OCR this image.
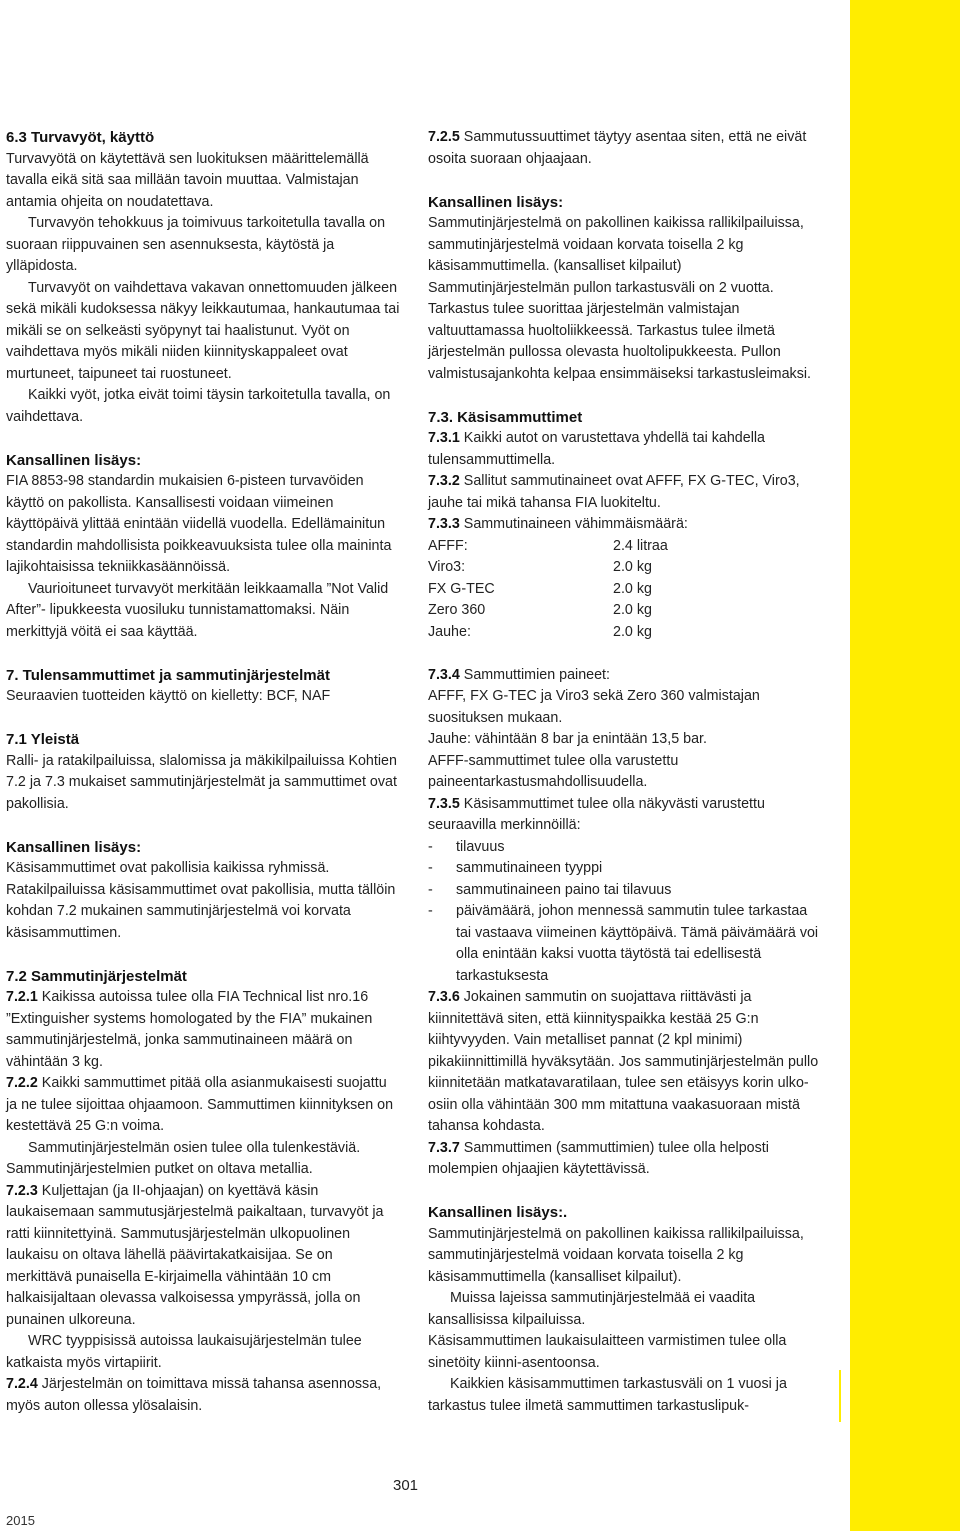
6.3 Turvavyöt, käyttö

Turvavyötä on käytettävä sen luokituksen määrittelemällä tavalla eikä sitä saa millään tavoin muuttaa. Valmistajan antamia ohjeita on noudatettava.

Turvavyön tehokkuus ja toimivuus tarkoitetulla tavalla on suoraan riippuvainen sen asennuksesta, käytöstä ja ylläpidosta.

Turvavyöt on vaihdettava vakavan onnettomuuden jälkeen sekä mikäli kudoksessa näkyy leikkautumaa, hankautumaa tai mikäli se on selkeästi syöpynyt tai haalistunut. Vyöt on vaihdettava myös mikäli niiden kiinnityskappaleet ovat murtuneet, taipuneet tai ruostuneet.

Kaikki vyöt, jotka eivät toimi täysin tarkoitetulla tavalla, on vaihdettava.

Kansallinen lisäys:

FIA 8853-98 standardin mukaisien 6-pisteen turvavöiden käyttö on pakollista. Kansallisesti voidaan viimeinen käyttöpäivä ylittää enintään viidellä vuodella. Edellämainitun standardin mahdollisista poikkeavuuksista tulee olla maininta lajikohtaisissa tekniikkasäännöissä.

Vaurioituneet turvavyöt merkitään leikkaamalla ”Not Valid After”- lipukkeesta vuosiluku tunnistamattomaksi. Näin merkittyjä vöitä ei saa käyttää.

7. Tulensammuttimet ja sammutinjärjestelmät

Seuraavien tuotteiden käyttö on kielletty: BCF, NAF

7.1 Yleistä

Ralli- ja ratakilpailuissa, slalomissa ja mäkikilpailuissa Kohtien 7.2 ja 7.3 mukaiset sammutinjärjestelmät ja sammuttimet ovat pakollisia.

Kansallinen lisäys:

Käsisammuttimet ovat pakollisia kaikissa ryhmissä. Ratakilpailuissa käsisammuttimet ovat pakollisia, mutta tällöin kohdan 7.2 mukainen sammutinjärjestelmä voi korvata käsisammuttimen.

7.2 Sammutinjärjestelmät

7.2.1 Kaikissa autoissa tulee olla FIA Technical list nro.16 ”Extinguisher systems homologated by the FIA” mukainen sammutinjärjestelmä, jonka sammutinaineen määrä on vähintään 3 kg.

7.2.2 Kaikki sammuttimet pitää olla asianmukaisesti suojattu ja ne tulee sijoittaa ohjaamoon. Sammuttimen kiinnityksen on kestettävä 25 G:n voima.

Sammutinjärjestelmän osien tulee olla tulenkestäviä. Sammutinjärjestelmien putket on oltava metallia.

7.2.3 Kuljettajan (ja II-ohjaajan) on kyettävä käsin laukaisemaan sammutusjärjestelmä paikaltaan, turvavyöt ja ratti kiinnitettyinä. Sammutusjärjestelmän ulkopuolinen laukaisu on oltava lähellä päävirtakatkaisijaa. Se on merkittävä punaisella E-kirjaimella vähintään 10 cm halkaisijaltaan olevassa valkoisessa ympyrässä, jolla on punainen ulkoreuna.

WRC tyyppisissä autoissa laukaisujärjestelmän tulee katkaista myös virtapiirit.

7.2.4 Järjestelmän on toimittava missä tahansa asennossa, myös auton ollessa ylösalaisin.

7.2.5 Sammutussuuttimet täytyy asentaa siten, että ne eivät osoita suoraan ohjaajaan.

Kansallinen lisäys:

Sammutinjärjestelmä on pakollinen kaikissa rallikilpailuissa, sammutinjärjestelmä voidaan korvata toisella 2 kg käsisammuttimella. (kansalliset kilpailut) Sammutinjärjestelmän pullon tarkastusväli on 2 vuotta. Tarkastus tulee suorittaa järjestelmän valmistajan valtuuttamassa huoltoliikkeessä. Tarkastus tulee ilmetä järjestelmän pullossa olevasta huoltolipukkeesta. Pullon valmistusajankohta kelpaa ensimmäiseksi tarkastusleimaksi.

7.3. Käsisammuttimet

7.3.1 Kaikki autot on varustettava yhdellä tai kahdella tulensammuttimella.

7.3.2 Sallitut sammutinaineet ovat AFFF, FX G-TEC, Viro3, jauhe tai mikä tahansa FIA luokiteltu.

7.3.3 Sammutinaineen vähimmäismäärä:

AFFF:	2.4 litraa
Viro3:	2.0 kg
FX G-TEC	2.0 kg
Zero 360	2.0 kg
Jauhe:	2.0 kg

7.3.4 Sammuttimien paineet:

AFFF, FX G-TEC ja Viro3 sekä Zero 360 valmistajan suosituksen mukaan.

Jauhe: vähintään 8 bar ja enintään 13,5 bar.

AFFF-sammuttimet tulee olla varustettu paineentarkastusmahdollisuudella.

7.3.5 Käsisammuttimet tulee olla näkyvästi varustettu seuraavilla merkinnöillä:

-	tilavuus
-	sammutinaineen tyyppi
-	sammutinaineen paino tai tilavuus
-	päivämäärä, johon mennessä sammutin tulee tarkastaa tai vastaava viimeinen käyttöpäivä. Tämä päivämäärä voi olla enintään kaksi vuotta täytöstä tai edellisestä tarkastuksesta

7.3.6 Jokainen sammutin on suojattava riittävästi ja kiinnitettävä siten, että kiinnityspaikka kestää 25 G:n kiihtyvyyden. Vain metalliset pannat (2 kpl minimi) pikakiinnittimillä hyväksytään. Jos sammutinjärjestelmän pullo kiinnitetään matkatavaratilaan, tulee sen etäisyys korin ulko-osiin olla vähintään 300 mm mitattuna vaakasuoraan mistä tahansa kohdasta.

7.3.7 Sammuttimen (sammuttimien) tulee olla helposti molempien ohjaajien käytettävissä.

Kansallinen lisäys:.

Sammutinjärjestelmä on pakollinen kaikissa rallikilpailuissa, sammutinjärjestelmä voidaan korvata toisella 2 kg käsisammuttimella (kansalliset kilpailut).

Muissa lajeissa sammutinjärjestelmää ei vaadita kansallisissa kilpailuissa.

Käsisammuttimen laukaisulaitteen varmistimen tulee olla sinetöity kiinni-asentoonsa.

Kaikkien käsisammuttimen tarkastusväli on 1 vuosi ja tarkastus tulee ilmetä sammuttimen tarkastuslipuk-

301
2015
